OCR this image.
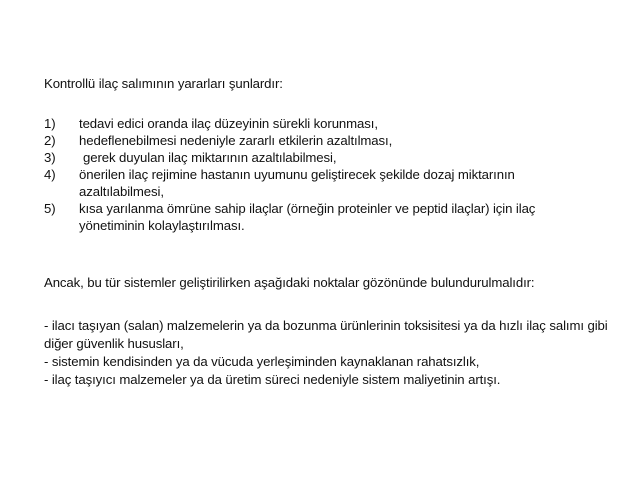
Kontrollü ilaç salımının yararları şunlardır:
1) tedavi edici oranda ilaç düzeyinin sürekli korunması,
2) hedeflenebilmesi nedeniyle zararlı etkilerin azaltılması,
3)	gerek duyulan ilaç miktarının azaltılabilmesi,
4) önerilen ilaç rejimine hastanın uyumunu geliştirecek şekilde dozaj miktarının azaltılabilmesi,
5) kısa yarılanma ömrüne sahip ilaçlar (örneğin proteinler ve peptid ilaçlar) için ilaç yönetiminin kolaylaştırılması.
Ancak, bu tür sistemler geliştirilirken aşağıdaki noktalar gözönünde bulundurulmalıdır:
- ilacı taşıyan (salan) malzemelerin ya da bozunma ürünlerinin toksisitesi ya da hızlı ilaç salımı gibi diğer güvenlik hususları,
- sistemin kendisinden ya da vücuda yerleşiminden kaynaklanan rahatsızlık,
- ilaç taşıyıcı malzemeler ya da üretim süreci nedeniyle sistem maliyetinin artışı.
